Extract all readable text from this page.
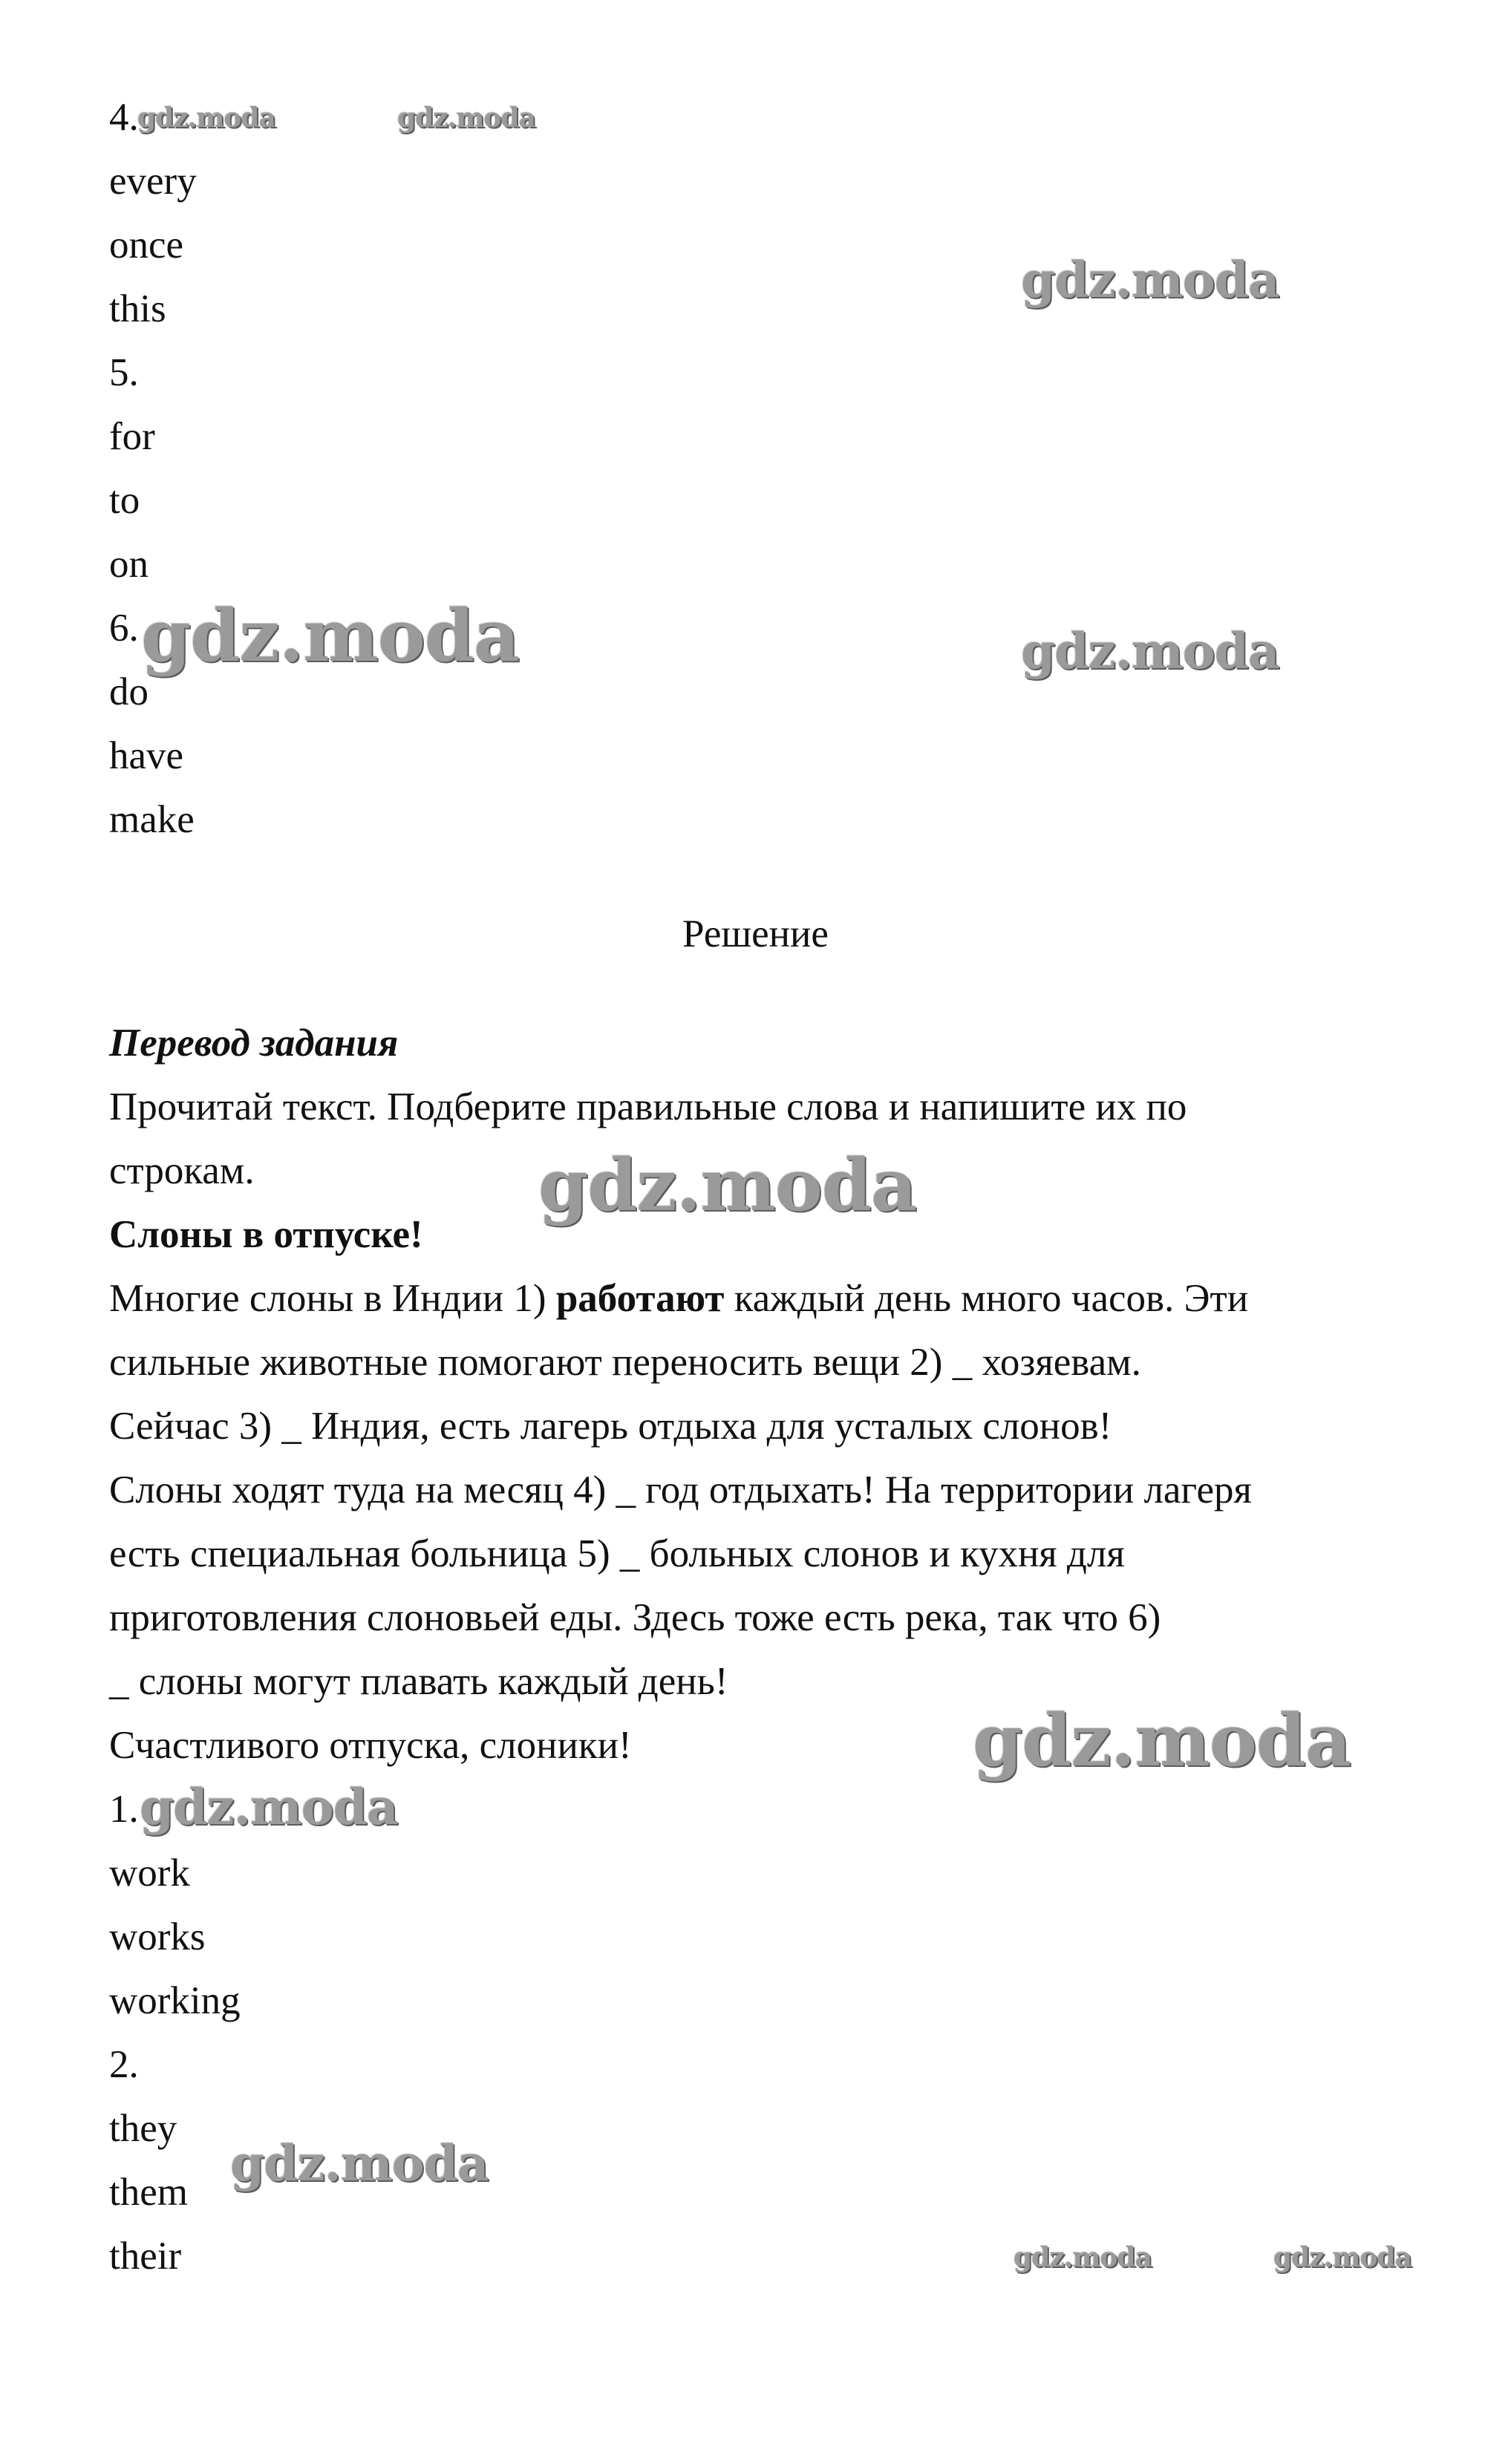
4.
every
once
this
5.
for
to
on
6.
do
have
make
Решение
Перевод задания
Прочитай текст. Подберите правильные слова и напишите их по
строкам.
Слоны в отпуске!
Многие слоны в Индии 1) работают каждый день много часов. Эти
сильные животные помогают переносить вещи 2) _ хозяевам.
Сейчас 3) _ Индия, есть лагерь отдыха для усталых слонов!
Слоны ходят туда на месяц 4) _ год отдыхать! На территории лагеря
есть специальная больница 5) _ больных слонов и кухня для
приготовления слоновьей еды. Здесь тоже есть река, так что 6)
_ слоны могут плавать каждый день!
Счастливого отпуска, слоники!
1.
work
works
working
2.
they
them
their
gdz.moda	gdz.moda
gdz.moda
gdz.moda	gdz.moda
gdz.moda
gdz.moda
gdz.moda
gdz.moda
gdz.moda	gdz.moda
